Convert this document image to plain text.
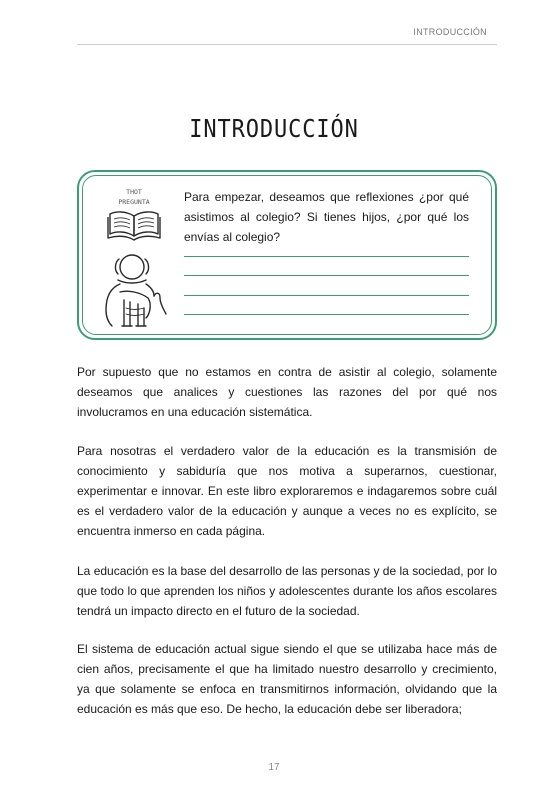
INTRODUCCIÓN
INTRODUCCIÓN
THOT
PREGUNTA	Para empezar, deseamos que reflexiones ¿por qué asistimos al colegio? Si tienes hijos, ¿por qué los envías al colegio?

Por supuesto que no estamos en contra de asistir al colegio, solamente deseamos que analices y cuestiones las razones del por qué nos involucramos en una educación sistemática.

Para nosotras el verdadero valor de la educación es la transmisión de conocimiento y sabiduría que nos motiva a superarnos, cuestionar, experimentar e innovar. En este libro exploraremos e indagaremos sobre cuál es el verdadero valor de la educación y aunque a veces no es explícito, se encuentra inmerso en cada página.

La educación es la base del desarrollo de las personas y de la sociedad, por lo que todo lo que aprenden los niños y adolescentes durante los años escolares tendrá un impacto directo en el futuro de la sociedad.

El sistema de educación actual sigue siendo el que se utilizaba hace más de cien años, precisamente el que ha limitado nuestro desarrollo y crecimiento, ya que solamente se enfoca en transmitirnos información, olvidando que la educación es más que eso. De hecho, la educación debe ser liberadora;

17
